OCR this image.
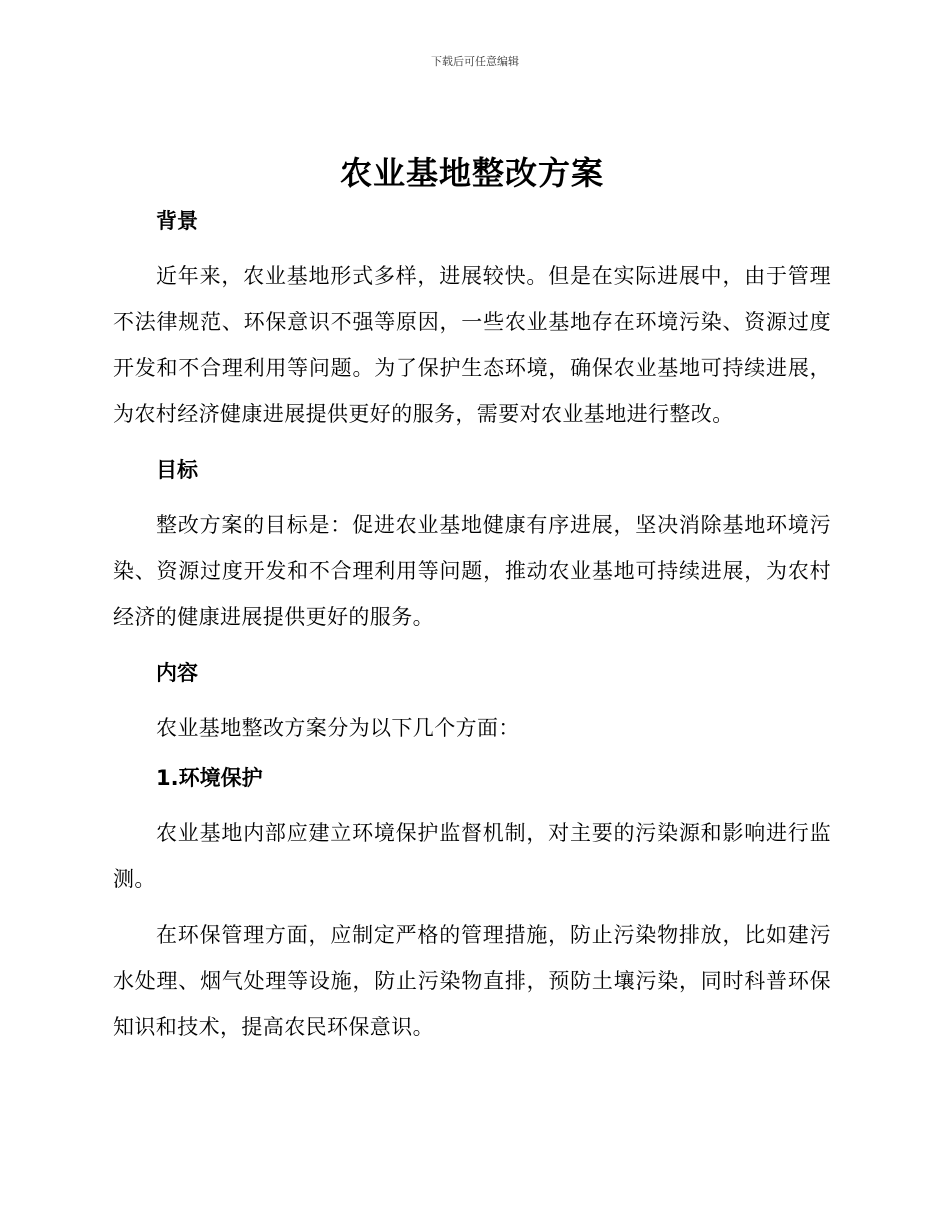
下载后可任意编辑
农业基地整改方案
背景

近年来，农业基地形式多样，进展较快。但是在实际进展中，由于管理不法律规范、环保意识不强等原因，一些农业基地存在环境污染、资源过度开发和不合理利用等问题。为了保护生态环境，确保农业基地可持续进展，为农村经济健康进展提供更好的服务，需要对农业基地进行整改。

目标

整改方案的目标是：促进农业基地健康有序进展，坚决消除基地环境污染、资源过度开发和不合理利用等问题，推动农业基地可持续进展，为农村经济的健康进展提供更好的服务。

内容

农业基地整改方案分为以下几个方面：

1.环境保护

农业基地内部应建立环境保护监督机制，对主要的污染源和影响进行监测。

在环保管理方面，应制定严格的管理措施，防止污染物排放，比如建污水处理、烟气处理等设施，防止污染物直排，预防土壤污染，同时科普环保知识和技术，提高农民环保意识。
